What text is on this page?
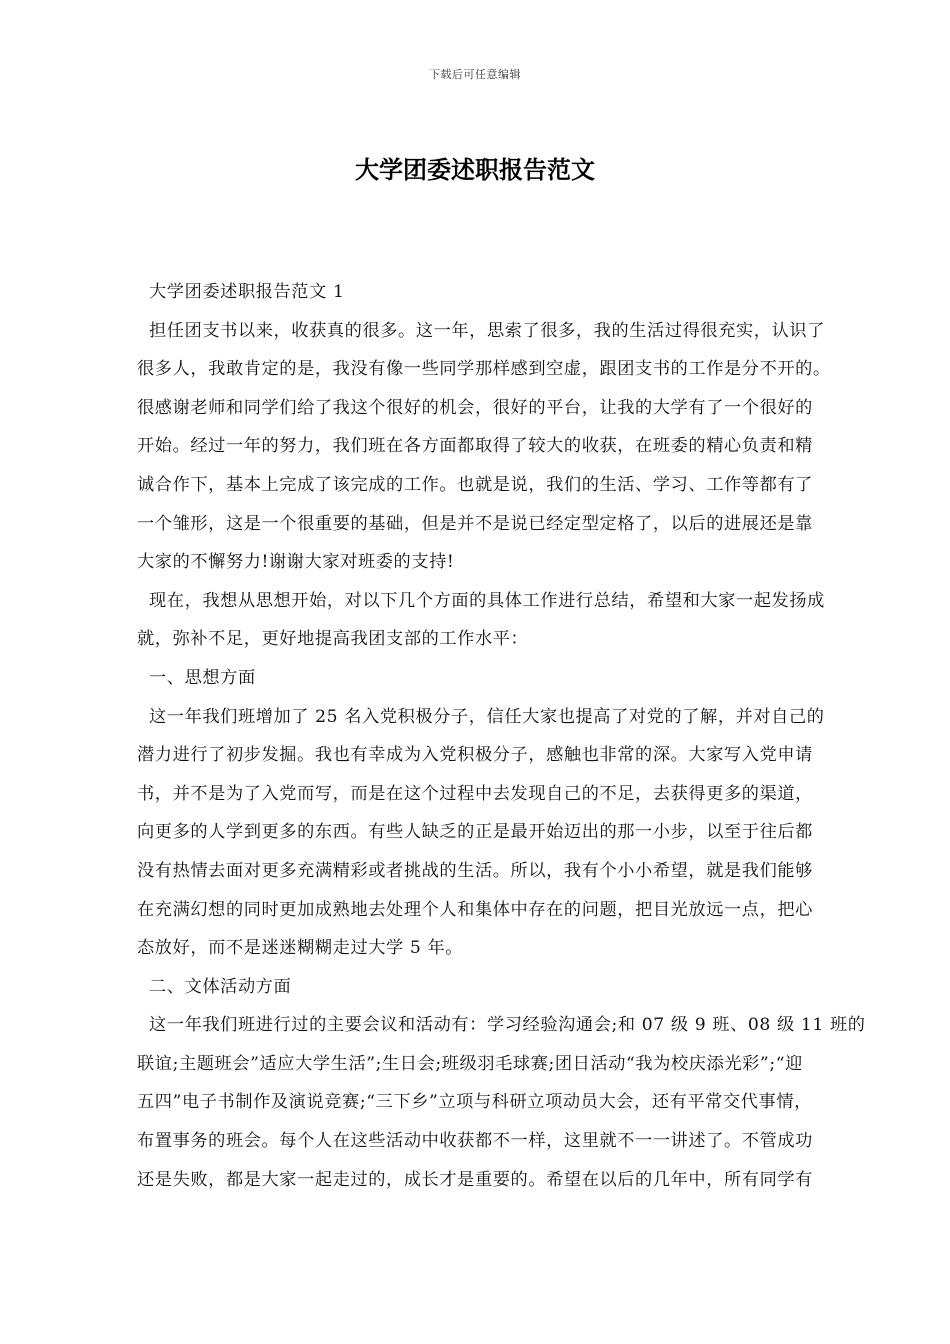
下载后可任意编辑
大学团委述职报告范文
大学团委述职报告范文 1
担任团支书以来，收获真的很多。这一年，思索了很多，我的生活过得很充实，认识了
很多人，我敢肯定的是，我没有像一些同学那样感到空虚，跟团支书的工作是分不开的。
很感谢老师和同学们给了我这个很好的机会，很好的平台，让我的大学有了一个很好的
开始。经过一年的努力，我们班在各方面都取得了较大的收获，在班委的精心负责和精
诚合作下，基本上完成了该完成的工作。也就是说，我们的生活、学习、工作等都有了
一个雏形，这是一个很重要的基础，但是并不是说已经定型定格了，以后的进展还是靠
大家的不懈努力!谢谢大家对班委的支持!
现在，我想从思想开始，对以下几个方面的具体工作进行总结，希望和大家一起发扬成
就，弥补不足，更好地提高我团支部的工作水平：
一、思想方面
这一年我们班增加了 25 名入党积极分子，信任大家也提高了对党的了解，并对自己的
潜力进行了初步发掘。我也有幸成为入党积极分子，感触也非常的深。大家写入党申请
书，并不是为了入党而写，而是在这个过程中去发现自己的不足，去获得更多的渠道，
向更多的人学到更多的东西。有些人缺乏的正是最开始迈出的那一小步，以至于往后都
没有热情去面对更多充满精彩或者挑战的生活。所以，我有个小小希望，就是我们能够
在充满幻想的同时更加成熟地去处理个人和集体中存在的问题，把目光放远一点，把心
态放好，而不是迷迷糊糊走过大学 5 年。
二、文体活动方面
这一年我们班进行过的主要会议和活动有：学习经验沟通会;和 07 级 9 班、08 级 11 班的
联谊;主题班会”适应大学生活”;生日会;班级羽毛球赛;团日活动“我为校庆添光彩”;“迎
五四”电子书制作及演说竞赛;“三下乡”立项与科研立项动员大会，还有平常交代事情，
布置事务的班会。每个人在这些活动中收获都不一样，这里就不一一讲述了。不管成功
还是失败，都是大家一起走过的，成长才是重要的。希望在以后的几年中，所有同学有
